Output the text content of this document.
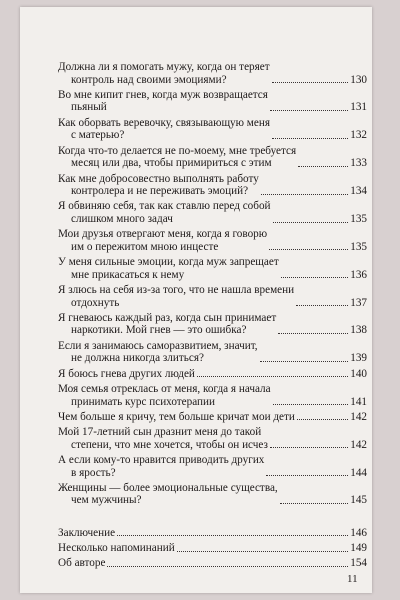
Должна ли я помогать мужу, когда он теряет
контроль над своими эмоциями?	130
Во мне кипит гнев, когда муж возвращается
пьяный	131
Как оборвать веревочку, связывающую меня
с матерью?	132
Когда что-то делается не по-моему, мне требуется
месяц или два, чтобы примириться с этим	133
Как мне добросовестно выполнять работу
контролера и не переживать эмоций?	134
Я обвиняю себя, так как ставлю перед собой
слишком много задач	135
Мои друзья отвергают меня, когда я говорю
им о пережитом мною инцесте	135
У меня сильные эмоции, когда муж запрещает
мне прикасаться к нему	136
Я злюсь на себя из-за того, что не нашла времени
отдохнуть	137
Я гневаюсь каждый раз, когда сын принимает
наркотики. Мой гнев — это ошибка?	138
Если я занимаюсь саморазвитием, значит,
не должна никогда злиться?	139
Я боюсь гнева других людей	140
Моя семья отреклась от меня, когда я начала
принимать курс психотерапии	141
Чем больше я кричу, тем больше кричат мои дети	142
Мой 17-летний сын дразнит меня до такой
степени, что мне хочется, чтобы он исчез	142
А если кому-то нравится приводить других
в ярость?	144
Женщины — более эмоциональные существа,
чем мужчины?	145
Заключение	146
Несколько напоминаний	149
Об авторе	154
11
